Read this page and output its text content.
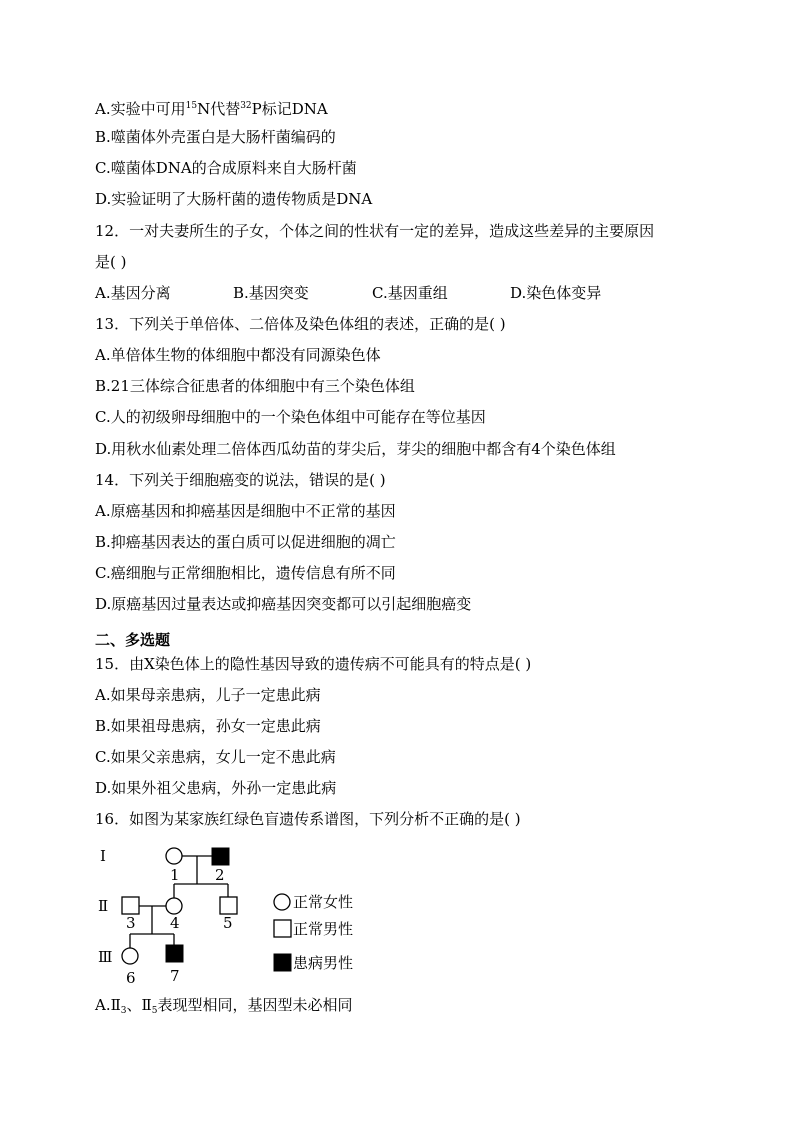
A.实验中可用$^{15}$N代替$^{32}$P标记DNA
B.噬菌体外壳蛋白是大肠杆菌编码的
C.噬菌体DNA的合成原料来自大肠杆菌
D.实验证明了大肠杆菌的遗传物质是DNA
12．一对夫妻所生的子女，个体之间的性状有一定的差异，造成这些差异的主要原因
是( )
A.基因分离	B.基因突变	C.基因重组	D.染色体变异
13．下列关于单倍体、二倍体及染色体组的表述，正确的是( )
A.单倍体生物的体细胞中都没有同源染色体
B.21三体综合征患者的体细胞中有三个染色体组
C.人的初级卵母细胞中的一个染色体组中可能存在等位基因
D.用秋水仙素处理二倍体西瓜幼苗的芽尖后，芽尖的细胞中都含有4个染色体组
14．下列关于细胞癌变的说法，错误的是( )
A.原癌基因和抑癌基因是细胞中不正常的基因
B.抑癌基因表达的蛋白质可以促进细胞的凋亡
C.癌细胞与正常细胞相比，遗传信息有所不同
D.原癌基因过量表达或抑癌基因突变都可以引起细胞癌变
二、多选题
15．由X染色体上的隐性基因导致的遗传病不可能具有的特点是( )
A.如果母亲患病，儿子一定患此病
B.如果祖母患病，孙女一定患此病
C.如果父亲患病，女儿一定不患此病
D.如果外祖父患病，外孙一定患此病
16．如图为某家族红绿色盲遗传系谱图，下列分析不正确的是( )
Ⅰ
Ⅱ
Ⅲ
1 2
3 4	5
6 7
正常女性
正常男性
患病男性
$A.Ⅱ_3$、$Ⅱ_5$表现型相同，基因型未必相同
